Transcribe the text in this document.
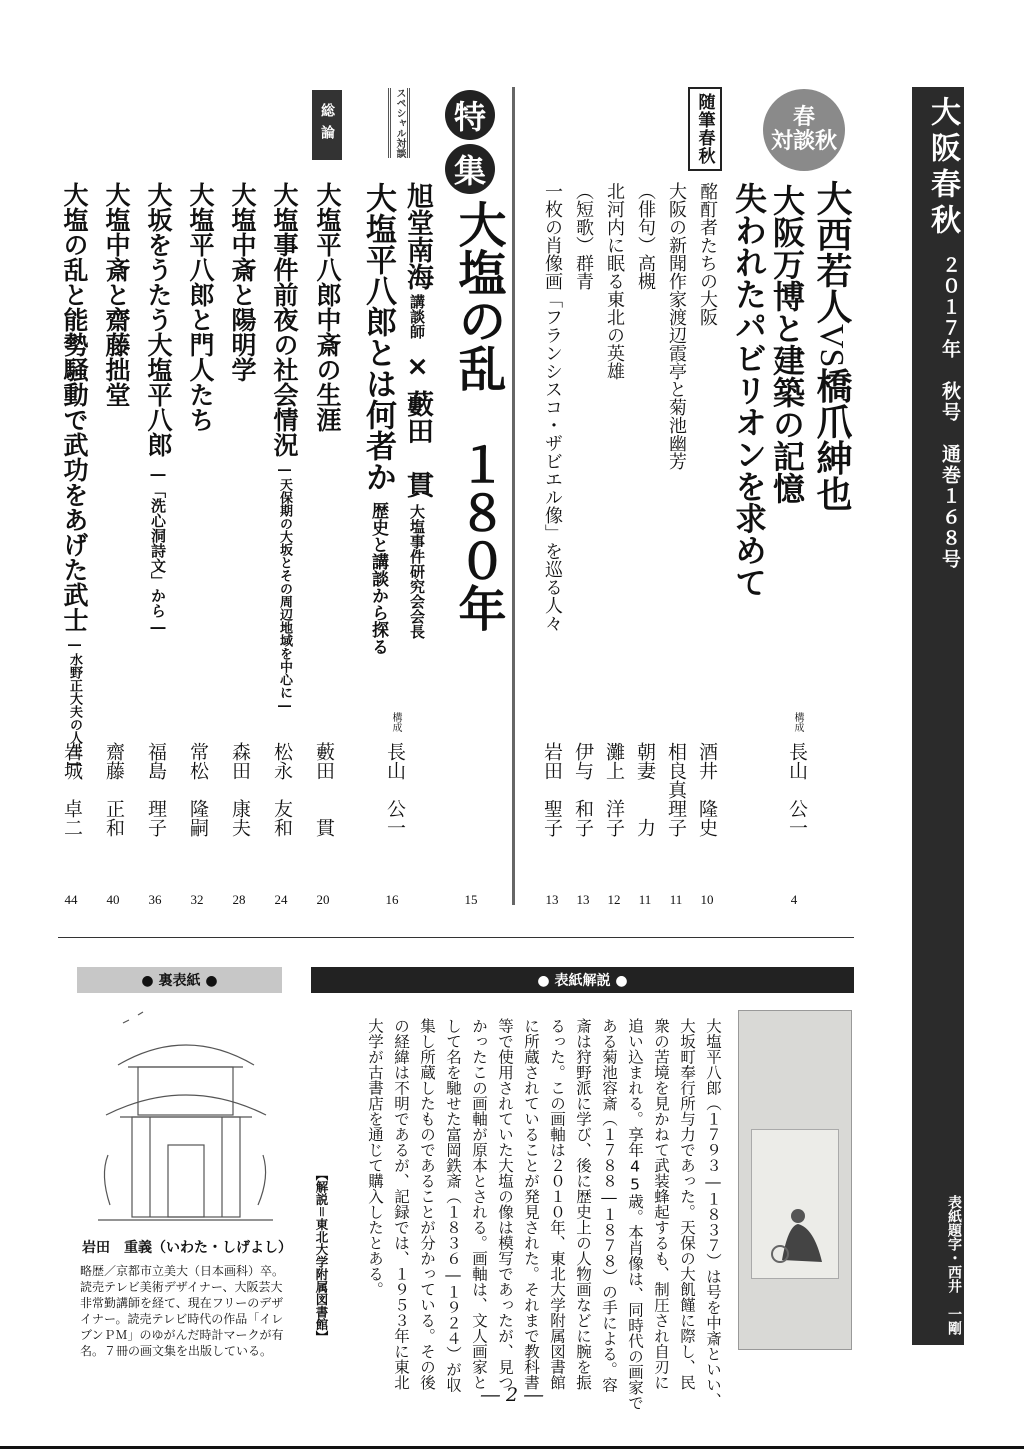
大阪春秋
２０１７年　秋号　通巻１６８号
表紙題字・西井　一剛
春
対談秋
大西若人VS橋爪紳也
大阪万博と建築の記憶
失われたパビリオンを求めて
構成
長山　公一
4
随筆春秋
酩酊者たちの大阪
大阪の新聞作家渡辺霞亭と菊池幽芳
（俳句）高槻
北河内に眠る東北の英雄
（短歌）群青
一枚の肖像画「フランシスコ・ザビエル像」を巡る人々
酒井　隆史
相良真理子
朝妻　　力
灘上　洋子
伊与　和子
岩田　聖子
10
11
11
12
13
13
特
集
大塩の乱　１８０年
15
スペシャル対談
旭堂南海講談師×藪田　貫大塩事件研究会会長
大塩平八郎とは何者か歴史と講談から探る
構成
長山　公一
16
総論
大塩平八郎中斎の生涯
大塩事件前夜の社会情況―天保期の大坂とその周辺地域を中心に―
大塩中斎と陽明学
大塩平八郎と門人たち
大坂をうたう大塩平八郎―「洗心洞詩文」から―
大塩中斎と齋藤拙堂
大塩の乱と能勢騒動で武功をあげた武士―水野正大夫の人生―
藪田　　貫
松永　友和
森田　康夫
常松　隆嗣
福島　理子
齋藤　正和
岩城　卓二
20
24
28
32
36
40
44
● 表紙解説 ●
大塩平八郎（１７９３―１８３７）は号を中斎といい、
大坂町奉行所与力であった。天保の大飢饉に際し、民
衆の苦境を見かねて武装蜂起するも、制圧され自刃に
追い込まれる。享年45歳。本肖像は、同時代の画家で
ある菊池容斎（１７８８―１８７８）の手による。容
斎は狩野派に学び、後に歴史上の人物画などに腕を振
るった。この画軸は２０１０年、東北大学附属図書館
に所蔵されていることが発見された。それまで教科書
等で使用されていた大塩の像は模写であったが、見つ
かったこの画軸が原本とされる。画軸は、文人画家と
して名を馳せた富岡鉄斎（１８３６―１９２４）が収
集し所蔵したものであることが分かっている。その後
の経緯は不明であるが、記録では、１９５３年に東北
大学が古書店を通じて購入したとある。
【解説＝東北大学附属図書館】
● 裏表紙 ●
岩田　重義（いわた・しげよし）
略歴／京都市立美大（日本画科）卒。読売テレビ美術デザイナー、大阪芸大非常勤講師を経て、現在フリーのデザイナー。読売テレビ時代の作品「イレブンＰＭ」のゆがんだ時計マークが有名。７冊の画文集を出版している。
― 2 ―
